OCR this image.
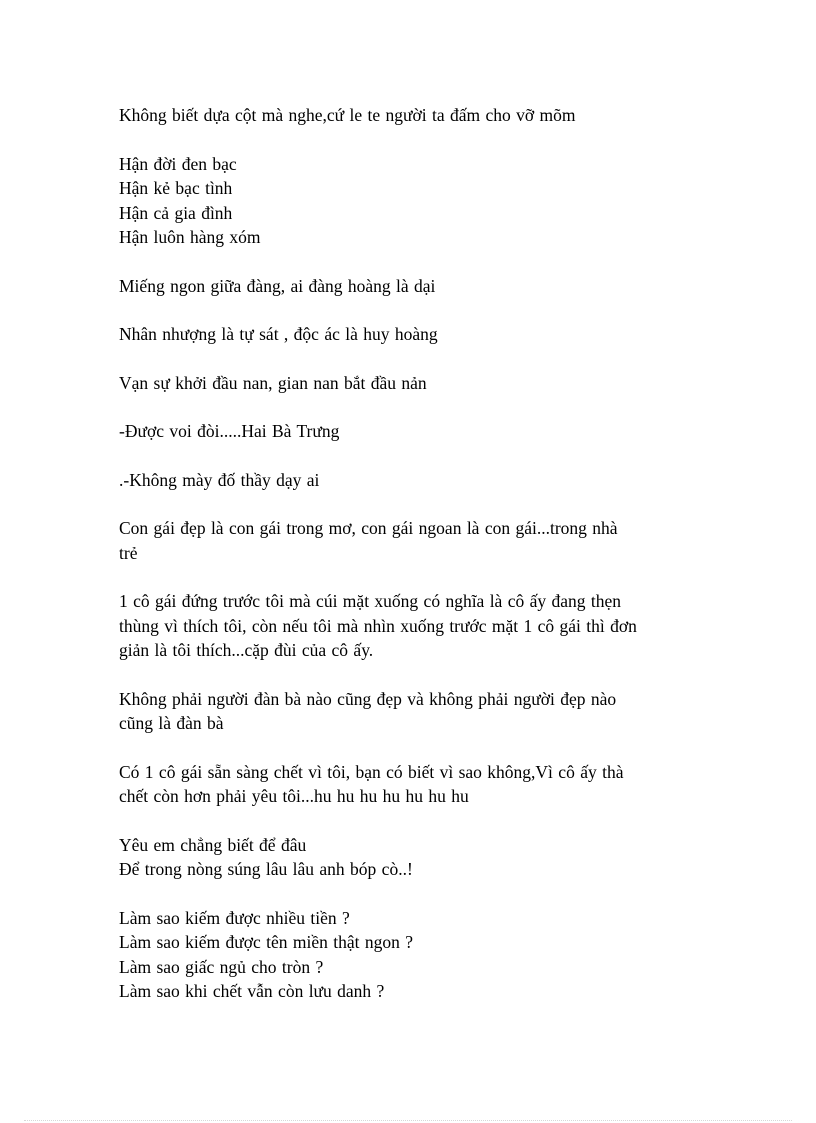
Không biết dựa cột mà nghe,cứ le te người ta đấm cho vỡ mõm

Hận đời đen bạc
Hận kẻ bạc tình
Hận cả gia đình
Hận luôn hàng xóm

Miếng ngon giữa đàng, ai đàng hoàng là dại

Nhân nhượng là tự sát , độc ác là huy hoàng

Vạn sự khởi đầu nan, gian nan bắt đầu nản

-Được voi đòi.....Hai Bà Trưng

.-Không mày đố thầy dạy ai

Con gái đẹp là con gái trong mơ, con gái ngoan là con gái...trong nhà
trẻ

1 cô gái đứng trước tôi mà cúi mặt xuống có nghĩa là cô ấy đang thẹn
thùng vì thích tôi, còn nếu tôi mà nhìn xuống trước mặt 1 cô gái thì đơn
giản là tôi thích...cặp đùi của cô ấy.

Không phải người đàn bà nào cũng đẹp và không phải người đẹp nào
cũng là đàn bà

Có 1 cô gái sẵn sàng chết vì tôi, bạn có biết vì sao không,Vì cô ấy thà
chết còn hơn phải yêu tôi...hu hu hu hu hu hu hu

Yêu em chẳng biết để đâu
Để trong nòng súng lâu lâu anh bóp cò..!

Làm sao kiếm được nhiều tiền ?
Làm sao kiếm được tên miền thật ngon ?
Làm sao giấc ngủ cho tròn ?
Làm sao khi chết vẫn còn lưu danh ?
